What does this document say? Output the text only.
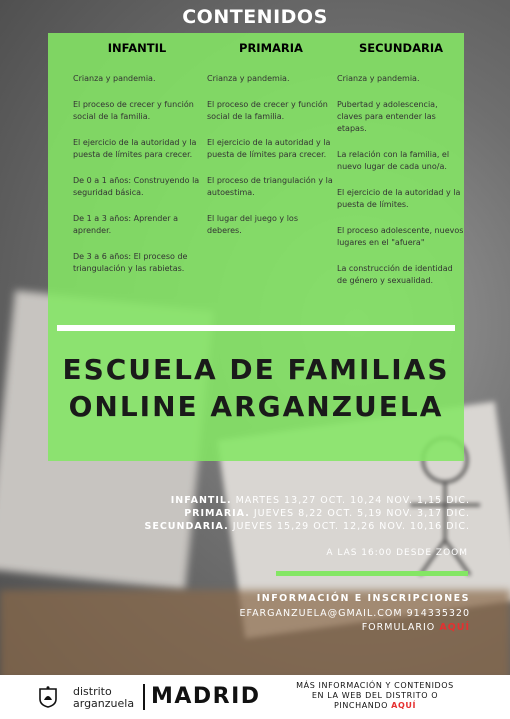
CONTENIDOS
INFANTIL
Crianza y pandemia.
El proceso de crecer y función social de la familia.
El ejercicio de la autoridad y la puesta de límites para crecer.
De 0 a 1 años: Construyendo la seguridad básica.
De 1 a 3 años: Aprender a aprender.
De 3 a 6 años: El proceso de triangulación y las rabietas.
PRIMARIA
Crianza y pandemia.
El proceso de crecer y función social de la familia.
El ejercicio de la autoridad y la puesta de límites para crecer.
El proceso de triangulación y la autoestima.
El lugar del juego y los deberes.
SECUNDARIA
Crianza y pandemia.
Pubertad y adolescencia, claves para entender las etapas.
La relación con la familia, el nuevo lugar de cada uno/a.
El ejercicio de la autoridad y la puesta de límites.
El proceso adolescente, nuevos lugares en el "afuera"
La construcción de identidad de género y sexualidad.
ESCUELA DE FAMILIAS
ONLINE ARGANZUELA
INFANTIL. MARTES 13,27 OCT. 10,24 NOV. 1,15 DIC.
PRIMARIA. JUEVES 8,22 OCT. 5,19 NOV. 3,17 DIC.
SECUNDARIA. JUEVES 15,29 OCT. 12,26 NOV. 10,16 DIC.
A LAS 16:00 DESDE ZOOM
INFORMACIÓN E INSCRIPCIONES
EFARGANZUELA@GMAIL.COM 914335320
FORMULARIO AQUÍ
distrito
arganzuela MADRID	MÁS INFORMACIÓN Y CONTENIDOS
EN LA WEB DEL DISTRITO O
PINCHANDO AQUÍ
